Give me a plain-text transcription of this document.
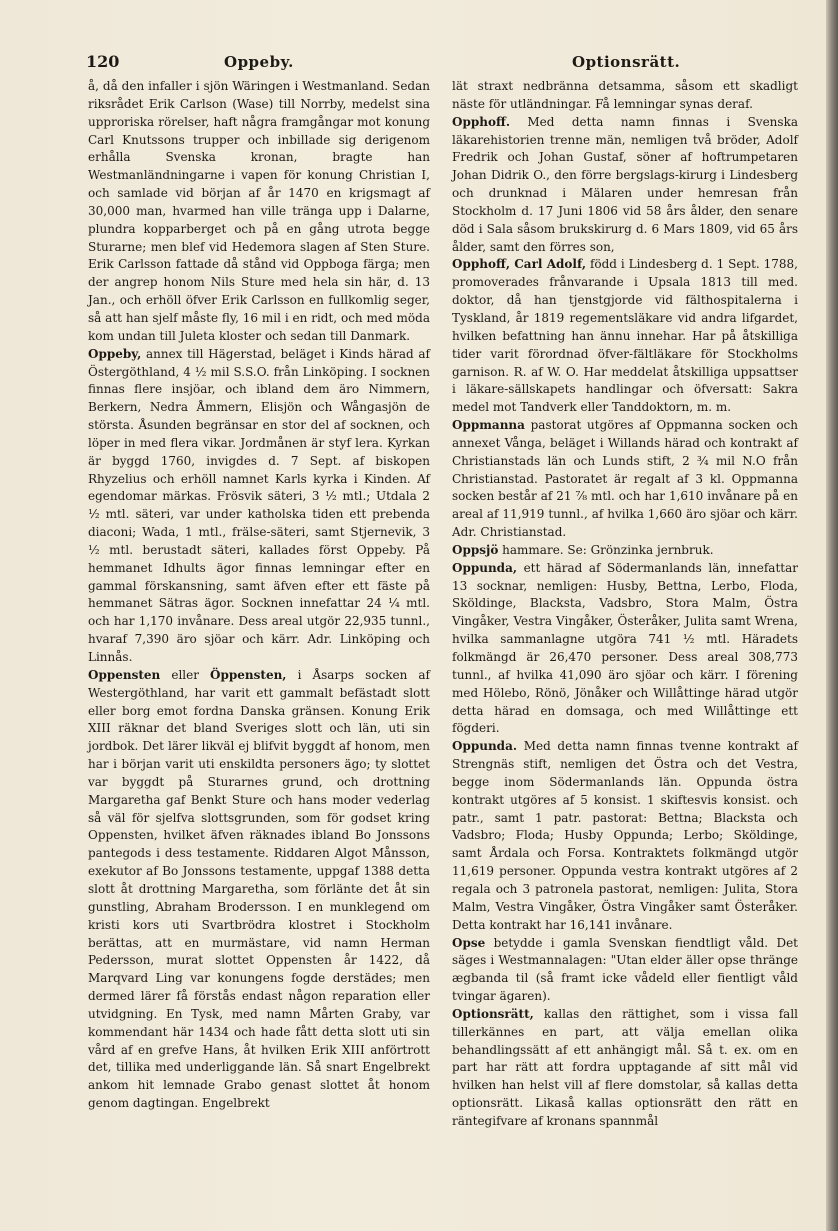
120	Oppeby.	Optionsrätt.

å, då den infaller i sjön Wäringen i Westmanland. Sedan riksrådet Erik Carlson (Wase) till Norrby, medelst sina upproriska rörelser, haft några framgångar mot konung Carl Knutssons trupper och inbillade sig derigenom erhålla Svenska kronan, bragte han Westmanländningarne i vapen för konung Christian I, och samlade vid början af år 1470 en krigsmagt af 30,000 man, hvarmed han ville tränga upp i Dalarne, plundra kopparberget och på en gång utrota begge Sturarne; men blef vid Hedemora slagen af Sten Sture. Erik Carlsson fattade då stånd vid Oppboga färga; men der angrep honom Nils Sture med hela sin här, d. 13 Jan., och erhöll öfver Erik Carlsson en fullkomlig seger, så att han sjelf måste fly, 16 mil i en ridt, och med möda kom undan till Juleta kloster och sedan till Danmark.

Oppeby, annex till Hägerstad, beläget i Kinds härad af Östergöthland, 4 ½ mil S.S.O. från Linköping. I socknen finnas flere insjöar, och ibland dem äro Nimmern, Berkern, Nedra Åmmern, Elisjön och Wångasjön de största. Åsunden begränsar en stor del af socknen, och löper in med flera vikar. Jordmånen är styf lera. Kyrkan är byggd 1760, invigdes d. 7 Sept. af biskopen Rhyzelius och erhöll namnet Karls kyrka i Kinden. Af egendomar märkas. Frösvik säteri, 3 ½ mtl.; Utdala 2 ½ mtl. säteri, var under katholska tiden ett prebenda diaconi; Wada, 1 mtl., frälse-säteri, samt Stjernevik, 3 ½ mtl. berustadt säteri, kallades först Oppeby. På hemmanet Idhults ägor finnas lemningar efter en gammal förskansning, samt äfven efter ett fäste på hemmanet Sätras ägor. Socknen innefattar 24 ¼ mtl. och har 1,170 invånare. Dess areal utgör 22,935 tunnl., hvaraf 7,390 äro sjöar och kärr. Adr. Linköping och Linnås.

Oppensten eller Öppensten, i Åsarps socken af Westergöthland, har varit ett gammalt befästadt slott eller borg emot fordna Danska gränsen. Konung Erik XIII räknar det bland Sveriges slott och län, uti sin jordbok. Det lärer likväl ej blifvit byggdt af honom, men har i början varit uti enskildta personers ägo; ty slottet var byggdt på Sturarnes grund, och drottning Margaretha gaf Benkt Sture och hans moder vederlag så väl för sjelfva slottsgrunden, som för godset kring Oppensten, hvilket äfven räknades ibland Bo Jonssons pantegods i dess testamente. Riddaren Algot Månsson, exekutor af Bo Jonssons testamente, uppgaf 1388 detta slott åt drottning Margaretha, som förlänte det åt sin gunstling, Abraham Brodersson. I en munklegend om kristi kors uti Svartbrödra klostret i Stockholm berättas, att en murmästare, vid namn Herman Pedersson, murat slottet Oppensten år 1422, då Marqvard Ling var konungens fogde derstädes; men dermed lärer få förstås endast någon reparation eller utvidgning. En Tysk, med namn Mårten Graby, var kommendant här 1434 och hade fått detta slott uti sin vård af en grefve Hans, åt hvilken Erik XIII anförtrott det, tillika med underliggande län. Så snart Engelbrekt ankom hit lemnade Grabo genast slottet åt honom genom dagtingan. Engelbrekt

lät straxt nedbränna detsamma, såsom ett skadligt näste för utländningar. Få lemningar synas deraf.

Opphoff. Med detta namn finnas i Svenska läkarehistorien trenne män, nemligen två bröder, Adolf Fredrik och Johan Gustaf, söner af hoftrumpetaren Johan Didrik O., den förre bergslags-kirurg i Lindesberg och drunknad i Mälaren under hemresan från Stockholm d. 17 Juni 1806 vid 58 års ålder, den senare död i Sala såsom brukskirurg d. 6 Mars 1809, vid 65 års ålder, samt den förres son,

Opphoff, Carl Adolf, född i Lindesberg d. 1 Sept. 1788, promoverades frånvarande i Upsala 1813 till med. doktor, då han tjenstgjorde vid fälthospitalerna i Tyskland, år 1819 regementsläkare vid andra lifgardet, hvilken befattning han ännu innehar. Har på åtskilliga tider varit förordnad öfver-fältläkare för Stockholms garnison. R. af W. O. Har meddelat åtskilliga uppsattser i läkare-sällskapets handlingar och öfversatt: Sakra medel mot Tandverk eller Tanddoktorn, m. m.

Oppmanna pastorat utgöres af Oppmanna socken och annexet Vånga, beläget i Willands härad och kontrakt af Christianstads län och Lunds stift, 2 ¾ mil N.O från Christianstad. Pastoratet är regalt af 3 kl. Oppmanna socken består af 21 ⅞ mtl. och har 1,610 invånare på en areal af 11,919 tunnl., af hvilka 1,660 äro sjöar och kärr. Adr. Christianstad.

Oppsjö hammare. Se: Grönzinka jernbruk.

Oppunda, ett härad af Södermanlands län, innefattar 13 socknar, nemligen: Husby, Bettna, Lerbo, Floda, Sköldinge, Blacksta, Vadsbro, Stora Malm, Östra Vingåker, Vestra Vingåker, Österåker, Julita samt Wrena, hvilka sammanlagne utgöra 741 ½ mtl. Häradets folkmängd är 26,470 personer. Dess areal 308,773 tunnl., af hvilka 41,090 äro sjöar och kärr. I förening med Hölebo, Rönö, Jönåker och Willåttinge härad utgör detta härad en domsaga, och med Willåttinge ett fögderi.

Oppunda. Med detta namn finnas tvenne kontrakt af Strengnäs stift, nemligen det Östra och det Vestra, begge inom Södermanlands län. Oppunda östra kontrakt utgöres af 5 konsist. 1 skiftesvis konsist. och patr., samt 1 patr. pastorat: Bettna; Blacksta och Vadsbro; Floda; Husby Oppunda; Lerbo; Sköldinge, samt Årdala och Forsa. Kontraktets folkmängd utgör 11,619 personer. Oppunda vestra kontrakt utgöres af 2 regala och 3 patronela pastorat, nemligen: Julita, Stora Malm, Vestra Vingåker, Östra Vingåker samt Österåker. Detta kontrakt har 16,141 invånare.

Opse betydde i gamla Svenskan fiendtligt våld. Det säges i Westmannalagen: "Utan elder äller opse thränge ægbanda til (så framt icke vådeld eller fientligt våld tvingar ägaren).

Optionsrätt, kallas den rättighet, som i vissa fall tillerkännes en part, att välja emellan olika behandlingssätt af ett anhängigt mål. Så t. ex. om en part har rätt att fordra upptagande af sitt mål vid hvilken han helst vill af flere domstolar, så kallas detta optionsrätt. Likaså kallas optionsrätt den rätt en räntegifvare af kronans spannmål
